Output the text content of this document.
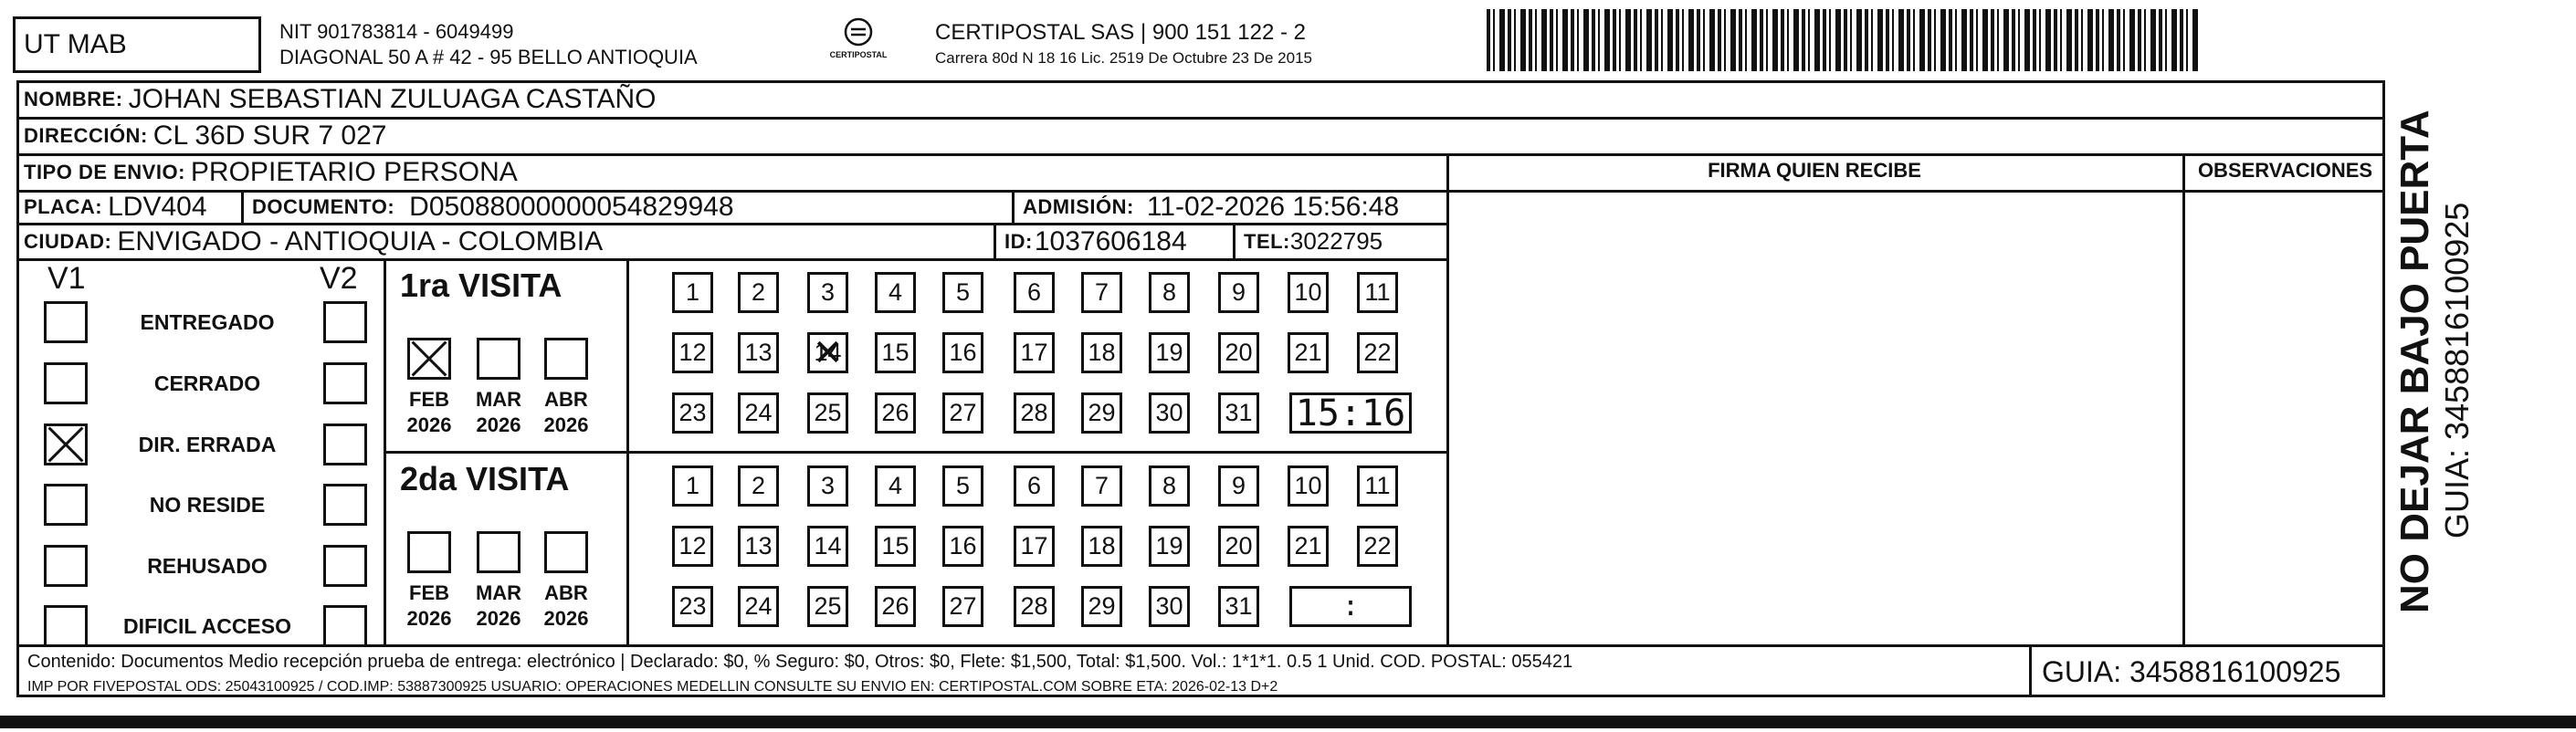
UT MAB	NIT 901783814 - 6049499
DIAGONAL 50 A # 42 - 95 BELLO ANTIOQUIA	CERTIPOSTAL
CERTIPOSTAL SAS | 900 151 122 - 2
Carrera 80d N 18 16 Lic. 2519 De Octubre 23 De 2015
NOMBRE: JOHAN SEBASTIAN ZULUAGA CASTAÑO
DIRECCIÓN: CL 36D SUR 7 027
TIPO DE ENVIO: PROPIETARIO PERSONA
PLACA: LDV404 DOCUMENTO: D05088000000054829948	ADMISIÓN: 11-02-2026 15:56:48
CIUDAD: ENVIGADO - ANTIOQUIA - COLOMBIA	ID: 1037606184	TEL: 3022795
FIRMA QUIEN RECIBE	OBSERVACIONES
V1	V2
ENTREGADO
CERRADO
DIR. ERRADA
NO RESIDE
REHUSADO
DIFICIL ACCESO
1ra VISITA
FEB
2026
MAR
2026
ABR
2026
1	2	3	4	5	6	7	8	9	10	11
12 13 14 ✕ 15 16 17 18 19 20 21 22
23 24 25 26 27 28 29 30 31 15:16
2da VISITA
FEB
2026
MAR
2026
ABR
2026
1	2	3	4	5	6	7	8	9	10	11
12 13 14 15 16 17 18 19 20 21 22
23 24 25 26 27 28 29 30 31	:
Contenido: Documentos Medio recepción prueba de entrega: electrónico | Declarado: $0, % Seguro: $0, Otros: $0, Flete: $1,500, Total: $1,500. Vol.: 1*1*1. 0.5 1 Unid. COD. POSTAL: 055421
IMP POR FIVEPOSTAL ODS: 25043100925 / COD.IMP: 53887300925 USUARIO: OPERACIONES MEDELLIN CONSULTE SU ENVIO EN: CERTIPOSTAL.COM SOBRE ETA: 2026-02-13 D+2	GUIA: 3458816100925
NO DEJAR BAJO PUERTA GUIA: 3458816100925
